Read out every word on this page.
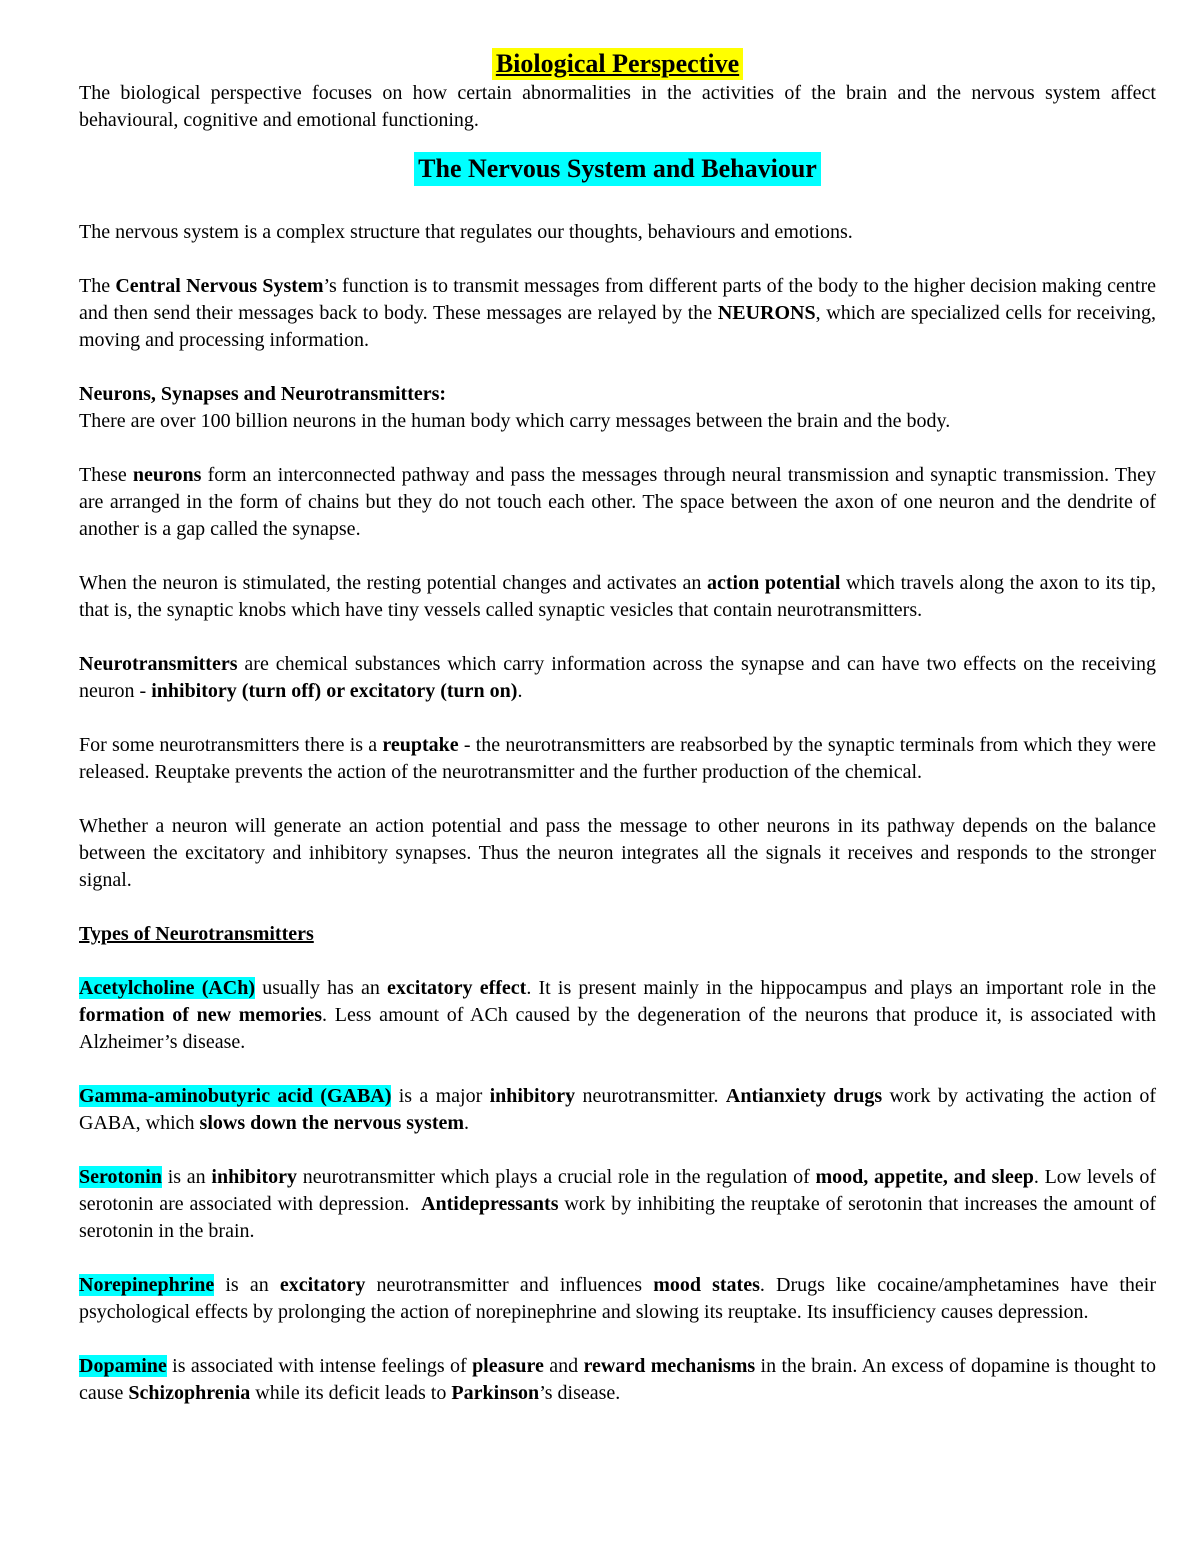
Biological Perspective

The biological perspective focuses on how certain abnormalities in the activities of the brain and the nervous system affect behavioural, cognitive and emotional functioning.

The Nervous System and Behaviour

The nervous system is a complex structure that regulates our thoughts, behaviours and emotions.

The Central Nervous System’s function is to transmit messages from different parts of the body to the higher decision making centre and then send their messages back to body. These messages are relayed by the NEURONS, which are specialized cells for receiving, moving and processing information.

Neurons, Synapses and Neurotransmitters:

There are over 100 billion neurons in the human body which carry messages between the brain and the body.

These neurons form an interconnected pathway and pass the messages through neural transmission and synaptic transmission. They are arranged in the form of chains but they do not touch each other. The space between the axon of one neuron and the dendrite of another is a gap called the synapse.

When the neuron is stimulated, the resting potential changes and activates an action potential which travels along the axon to its tip, that is, the synaptic knobs which have tiny vessels called synaptic vesicles that contain neurotransmitters.

Neurotransmitters are chemical substances which carry information across the synapse and can have two effects on the receiving neuron - inhibitory (turn off) or excitatory (turn on).

For some neurotransmitters there is a reuptake - the neurotransmitters are reabsorbed by the synaptic terminals from which they were released. Reuptake prevents the action of the neurotransmitter and the further production of the chemical.

Whether a neuron will generate an action potential and pass the message to other neurons in its pathway depends on the balance between the excitatory and inhibitory synapses. Thus the neuron integrates all the signals it receives and responds to the stronger signal.

Types of Neurotransmitters

Acetylcholine (ACh) usually has an excitatory effect. It is present mainly in the hippocampus and plays an important role in the formation of new memories. Less amount of ACh caused by the degeneration of the neurons that produce it, is associated with Alzheimer’s disease.

Gamma-aminobutyric acid (GABA) is a major inhibitory neurotransmitter. Antianxiety drugs work by activating the action of GABA, which slows down the nervous system.

Serotonin is an inhibitory neurotransmitter which plays a crucial role in the regulation of mood, appetite, and sleep. Low levels of serotonin are associated with depression.  Antidepressants work by inhibiting the reuptake of serotonin that increases the amount of serotonin in the brain.

Norepinephrine is an excitatory neurotransmitter and influences mood states. Drugs like cocaine/amphetamines have their psychological effects by prolonging the action of norepinephrine and slowing its reuptake. Its insufficiency causes depression.

Dopamine is associated with intense feelings of pleasure and reward mechanisms in the brain. An excess of dopamine is thought to cause Schizophrenia while its deficit leads to Parkinson’s disease.
